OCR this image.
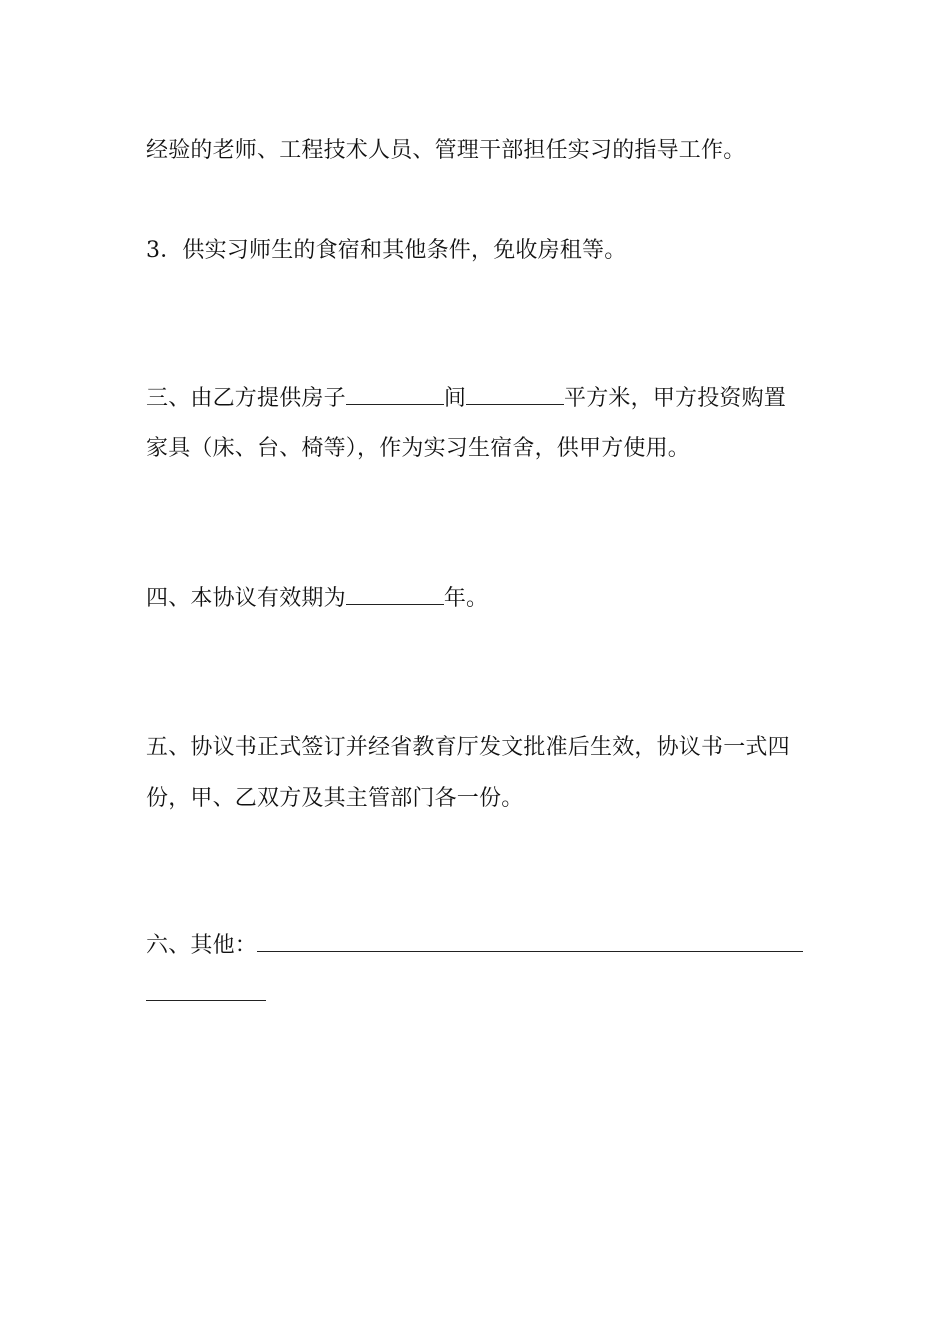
经验的老师、工程技术人员、管理干部担任实习的指导工作。
3．供实习师生的食宿和其他条件，免收房租等。
三、由乙方提供房子	间	平方米，甲方投资购置
家具（床、台、椅等），作为实习生宿舍，供甲方使用。
四、本协议有效期为	年。
五、协议书正式签订并经省教育厅发文批准后生效，协议书一式四
份，甲、乙双方及其主管部门各一份。
六、其他：
